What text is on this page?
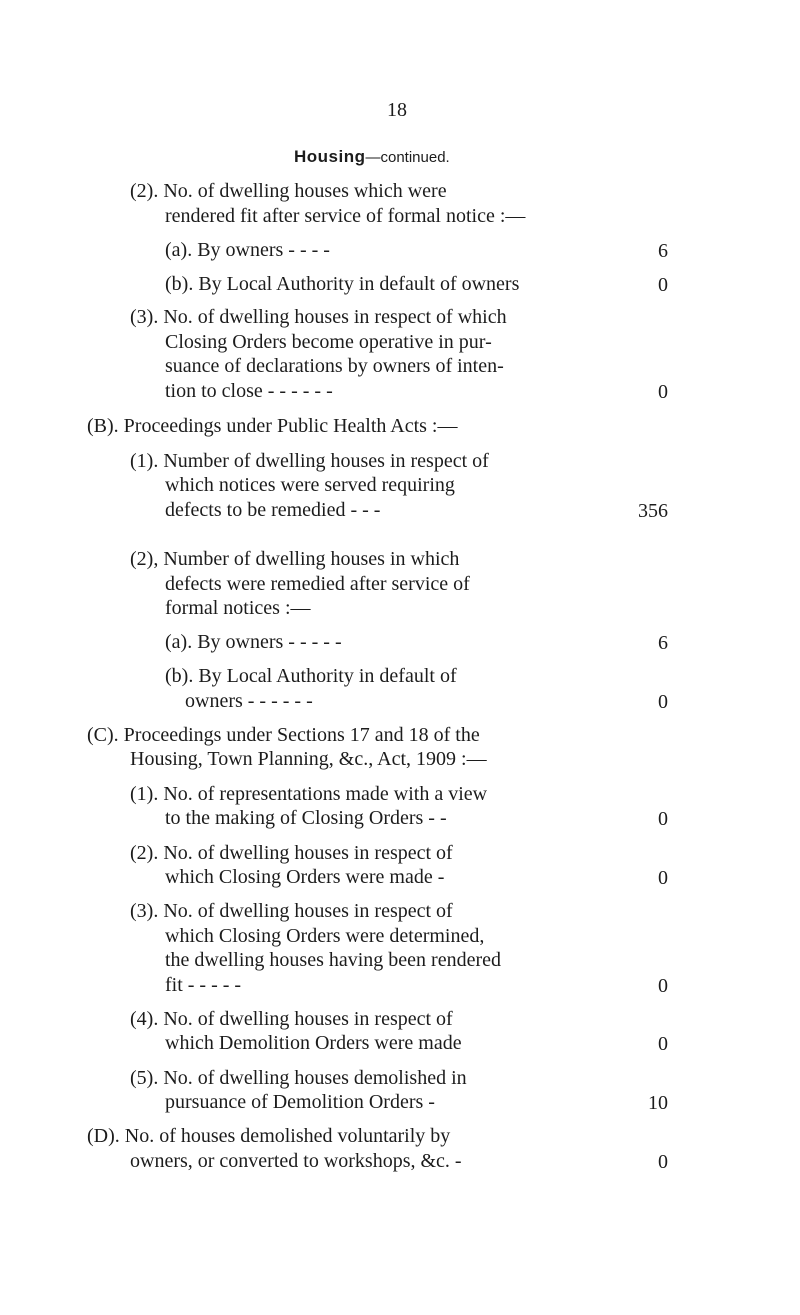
18
Housing—continued.
(2). No. of dwelling houses which were
rendered fit after service of formal notice :—
(a). By owners - - - -	6
(b). By Local Authority in default of owners	0
(3). No. of dwelling houses in respect of which
Closing Orders become operative in pur-
suance of declarations by owners of inten-
tion to close - - - - - -	0
(B). Proceedings under Public Health Acts :—
(1). Number of dwelling houses in respect of
which notices were served requiring
defects to be remedied - - -	356
(2), Number of dwelling houses in which
defects were remedied after service of
formal notices :—
(a). By owners - - - - -	6
(b). By Local Authority in default of
owners - - - - - -	0
(C). Proceedings under Sections 17 and 18 of the
Housing, Town Planning, &c., Act, 1909 :—
(1). No. of representations made with a view
to the making of Closing Orders - -	0
(2). No. of dwelling houses in respect of
which Closing Orders were made -	0
(3). No. of dwelling houses in respect of
which Closing Orders were determined,
the dwelling houses having been rendered
fit - - - - -	0
(4). No. of dwelling houses in respect of
which Demolition Orders were made	0
(5). No. of dwelling houses demolished in
pursuance of Demolition Orders -	10
(D). No. of houses demolished voluntarily by
owners, or converted to workshops, &c. -	0
